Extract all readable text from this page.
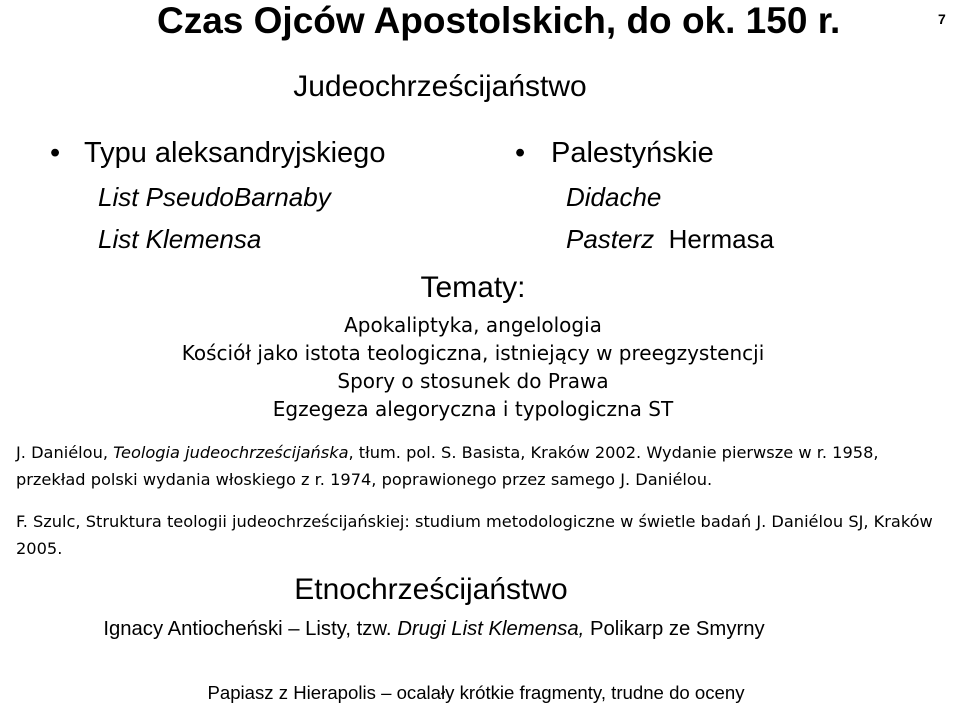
Czas Ojców Apostolskich, do ok. 150 r.	7
Judeochrześcijaństwo
• Typu aleksandryjskiego
List PseudoBarnaby
List Klemensa
• Palestyńskie
Didache
Pasterz Hermasa
Tematy:
Apokaliptyka, angelologia
Kościół jako istota teologiczna, istniejący w preegzystencji
Spory o stosunek do Prawa
Egzegeza alegoryczna i typologiczna ST
J. Daniélou, Teologia judeochrześcijańska, tłum. pol. S. Basista, Kraków 2002. Wydanie pierwsze w r. 1958, przekład polski wydania włoskiego z r. 1974, poprawionego przez samego J. Daniélou.
F. Szulc, Struktura teologii judeochrześcijańskiej: studium metodologiczne w świetle badań J. Daniélou SJ, Kraków 2005.
Etnochrześcijaństwo
Ignacy Antiocheński – Listy, tzw. Drugi List Klemensa, Polikarp ze Smyrny
Papiasz z Hierapolis – ocalały krótkie fragmenty, trudne do oceny
